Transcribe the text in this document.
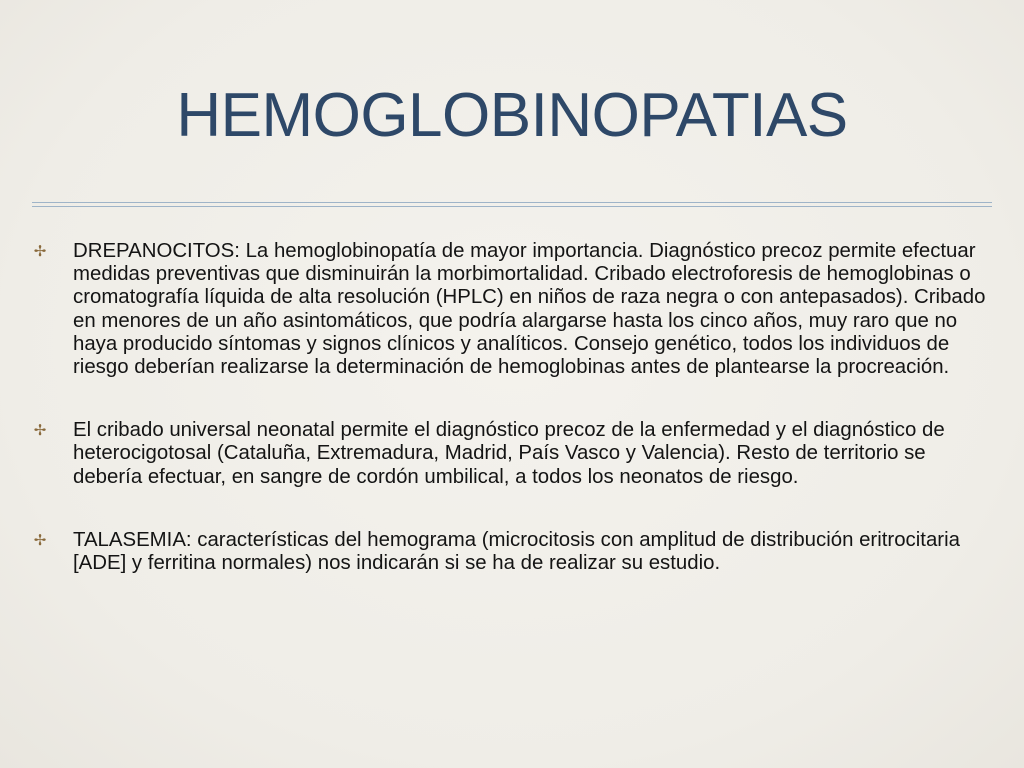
HEMOGLOBINOPATIAS
✢ DREPANOCITOS: La hemoglobinopatía de mayor importancia. Diagnóstico precoz permite efectuar medidas preventivas que disminuirán la morbimortalidad. Cribado electroforesis de hemoglobinas o cromatografía líquida de alta resolución (HPLC) en niños de raza negra o con antepasados). Cribado en menores de un año asintomáticos, que podría alargarse hasta los cinco años, muy raro que no haya producido síntomas y signos clínicos y analíticos. Consejo genético, todos los individuos de riesgo deberían realizarse la determinación de hemoglobinas antes de plantearse la procreación.
✢ El cribado universal neonatal permite el diagnóstico precoz de la enfermedad y el diagnóstico de heterocigotosal (Cataluña, Extremadura, Madrid, País Vasco y Valencia). Resto de territorio se debería efectuar, en sangre de cordón umbilical, a todos los neonatos de riesgo.
✢ TALASEMIA: características del hemograma (microcitosis con amplitud de distribución eritrocitaria [ADE] y ferritina normales) nos indicarán si se ha de realizar su estudio.
